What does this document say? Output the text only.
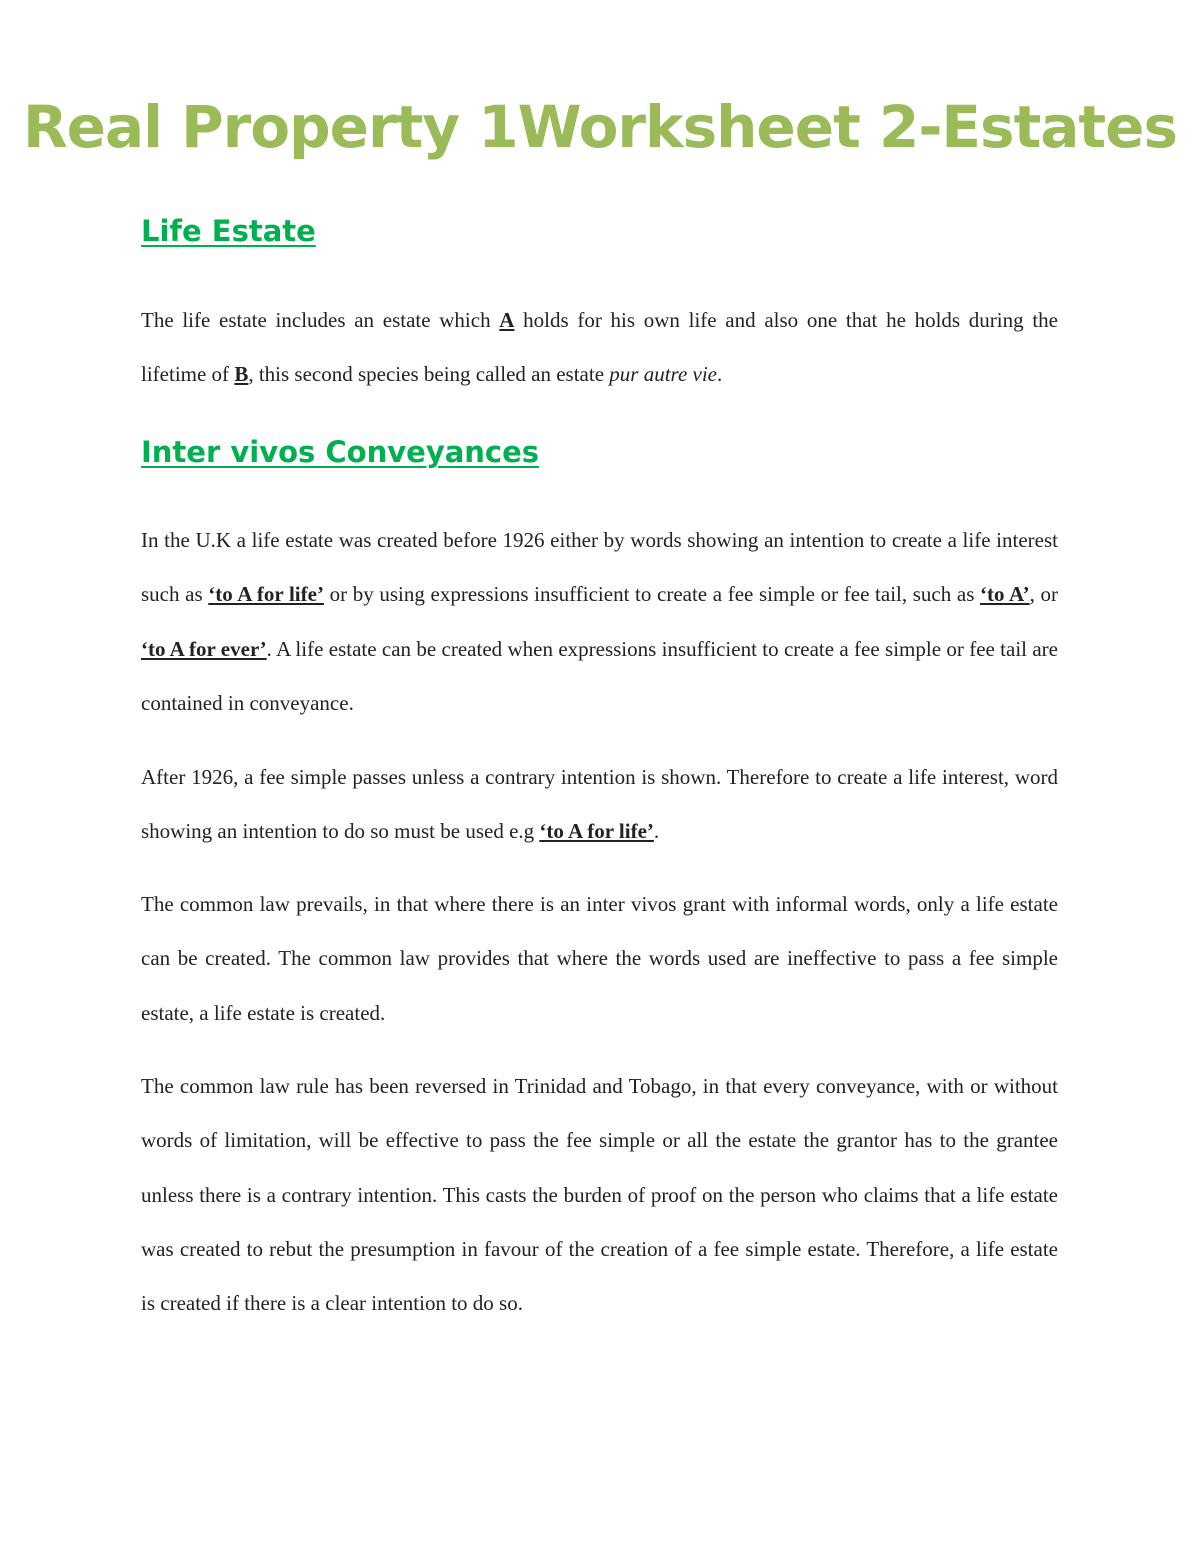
Real Property 1Worksheet 2-Estates
Life Estate

The life estate includes an estate which A holds for his own life and also one that he holds during the lifetime of B, this second species being called an estate pur autre vie.

Inter vivos Conveyances

In the U.K a life estate was created before 1926 either by words showing an intention to create a life interest such as ‘to A for life’ or by using expressions insufficient to create a fee simple or fee tail, such as ‘to A’, or ‘to A for ever’. A life estate can be created when expressions insufficient to create a fee simple or fee tail are contained in conveyance.

After 1926, a fee simple passes unless a contrary intention is shown. Therefore to create a life interest, word showing an intention to do so must be used e.g ‘to A for life’.

The common law prevails, in that where there is an inter vivos grant with informal words, only a life estate can be created. The common law provides that where the words used are ineffective to pass a fee simple estate, a life estate is created.

The common law rule has been reversed in Trinidad and Tobago, in that every conveyance, with or without words of limitation, will be effective to pass the fee simple or all the estate the grantor has to the grantee unless there is a contrary intention. This casts the burden of proof on the person who claims that a life estate was created to rebut the presumption in favour of the creation of a fee simple estate. Therefore, a life estate is created if there is a clear intention to do so.
